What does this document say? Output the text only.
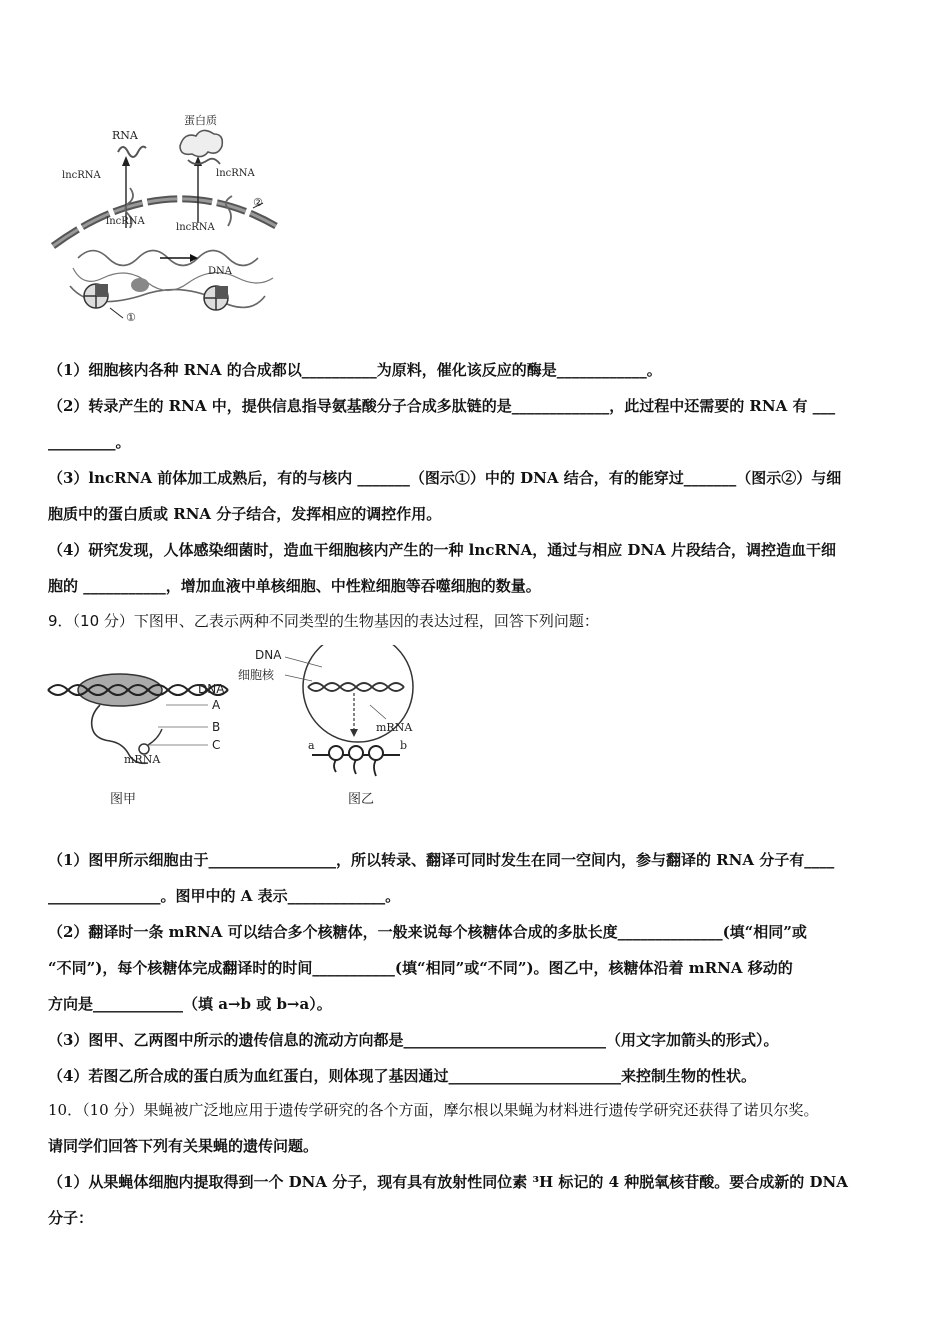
RNA
蛋白质
lncRNA	lncRNA
lncRNA
lncRNA
DNA
①
②
（1）细胞核内各种 RNA 的合成都以__________为原料，催化该反应的酶是____________。
（2）转录产生的 RNA 中，提供信息指导氨基酸分子合成多肽链的是_____________，此过程中还需要的 RNA 有 ___
_________。
（3）lncRNA 前体加工成熟后，有的与核内 _______（图示①）中的 DNA 结合，有的能穿过_______（图示②）与细
胞质中的蛋白质或 RNA 分子结合，发挥相应的调控作用。
（4）研究发现，人体感染细菌时，造血干细胞核内产生的一种 lncRNA，通过与相应 DNA 片段结合，调控造血干细
胞的 ___________，增加血液中单核细胞、中性粒细胞等吞噬细胞的数量。
9．（10 分）下图甲、乙表示两种不同类型的生物基因的表达过程，回答下列问题：
DNA
A
B
C
mRNA
图甲
DNA
细胞核
mRNA
a	b
图乙
（1）图甲所示细胞由于_________________，所以转录、翻译可同时发生在同一空间内，参与翻译的 RNA 分子有____
_______________。图甲中的 A 表示_____________。
（2）翻译时一条 mRNA 可以结合多个核糖体，一般来说每个核糖体合成的多肽长度______________(填“相同”或
“不同”)，每个核糖体完成翻译时的时间___________(填“相同”或“不同”)。图乙中，核糖体沿着 mRNA 移动的
方向是____________（填 a→b 或 b→a）。
（3）图甲、乙两图中所示的遗传信息的流动方向都是___________________________（用文字加箭头的形式）。
（4）若图乙所合成的蛋白质为血红蛋白，则体现了基因通过_______________________来控制生物的性状。
10．（10 分）果蝇被广泛地应用于遗传学研究的各个方面，摩尔根以果蝇为材料进行遗传学研究还获得了诺贝尔奖。
请同学们回答下列有关果蝇的遗传问题。
（1）从果蝇体细胞内提取得到一个 DNA 分子，现有具有放射性同位素 ³H 标记的 4 种脱氧核苷酸。要合成新的 DNA
分子：
